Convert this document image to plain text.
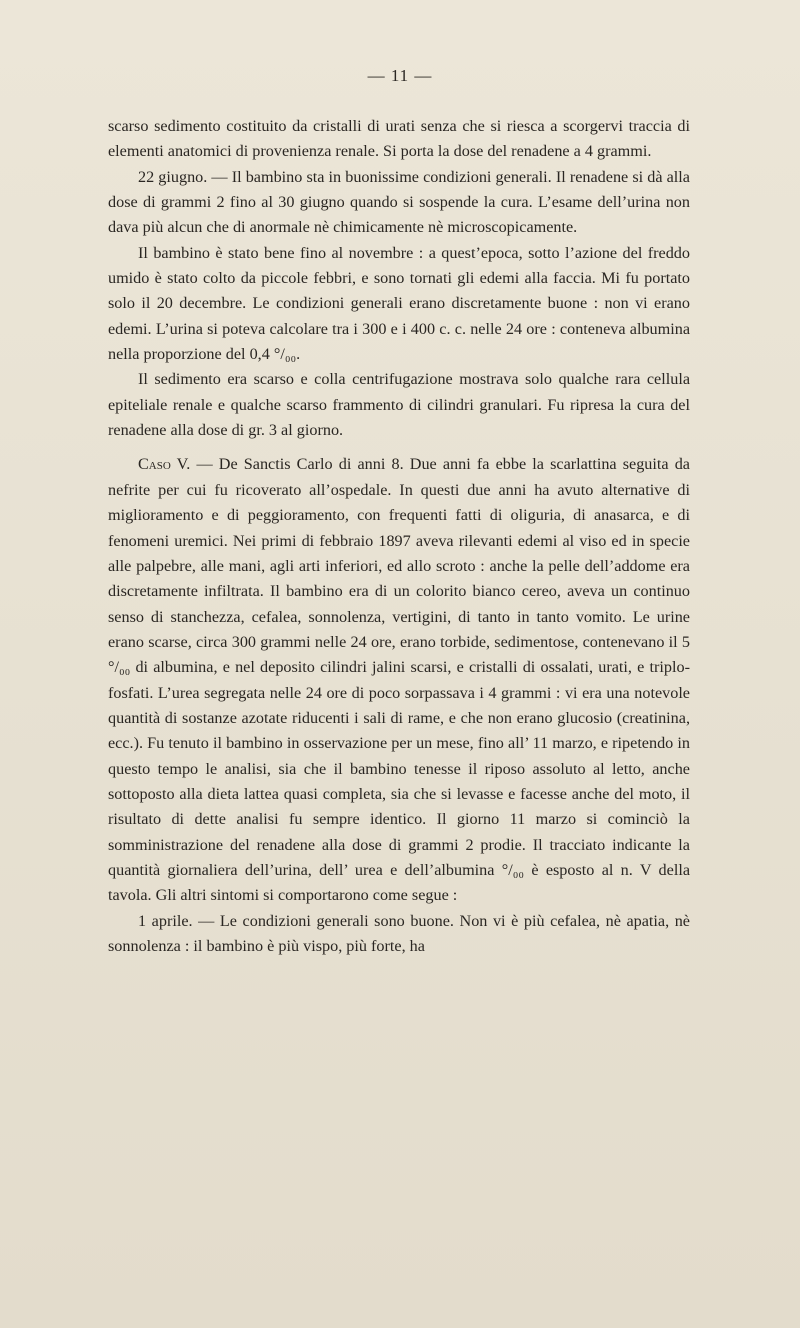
— 11 —

scarso sedimento costituito da cristalli di urati senza che si riesca a scorgervi traccia di elementi anatomici di provenienza renale. Si porta la dose del renadene a 4 grammi.

22 giugno. — Il bambino sta in buonissime condizioni generali. Il renadene si dà alla dose di grammi 2 fino al 30 giugno quando si sospende la cura. L’esame dell’urina non dava più alcun che di anormale nè chimicamente nè microscopicamente.

Il bambino è stato bene fino al novembre : a quest’epoca, sotto l’azione del freddo umido è stato colto da piccole febbri, e sono tornati gli edemi alla faccia. Mi fu portato solo il 20 decembre. Le condizioni generali erano discretamente buone : non vi erano edemi. L’urina si poteva calcolare tra i 300 e i 400 c. c. nelle 24 ore : conteneva albumina nella proporzione del 0,4 °/₀₀.

Il sedimento era scarso e colla centrifugazione mostrava solo qualche rara cellula epiteliale renale e qualche scarso frammento di cilindri granulari. Fu ripresa la cura del renadene alla dose di gr. 3 al giorno.

Caso V. — De Sanctis Carlo di anni 8. Due anni fa ebbe la scarlattina seguita da nefrite per cui fu ricoverato all’ospedale. In questi due anni ha avuto alternative di miglioramento e di peggioramento, con frequenti fatti di oliguria, di anasarca, e di fenomeni uremici. Nei primi di febbraio 1897 aveva rilevanti edemi al viso ed in specie alle palpebre, alle mani, agli arti inferiori, ed allo scroto : anche la pelle dell’addome era discretamente infiltrata. Il bambino era di un colorito bianco cereo, aveva un continuo senso di stanchezza, cefalea, sonnolenza, vertigini, di tanto in tanto vomito. Le urine erano scarse, circa 300 grammi nelle 24 ore, erano torbide, sedimentose, contenevano il 5 °/₀₀ di albumina, e nel deposito cilindri jalini scarsi, e cristalli di ossalati, urati, e triplo-fosfati. L’urea segregata nelle 24 ore di poco sorpassava i 4 grammi : vi era una notevole quantità di sostanze azotate riducenti i sali di rame, e che non erano glucosio (creatinina, ecc.). Fu tenuto il bambino in osservazione per un mese, fino all’ 11 marzo, e ripetendo in questo tempo le analisi, sia che il bambino tenesse il riposo assoluto al letto, anche sottoposto alla dieta lattea quasi completa, sia che si levasse e facesse anche del moto, il risultato di dette analisi fu sempre identico. Il giorno 11 marzo si cominciò la somministrazione del renadene alla dose di grammi 2 prodie. Il tracciato indicante la quantità giornaliera dell’urina, dell’ urea e dell’albumina °/₀₀ è esposto al n. V della tavola. Gli altri sintomi si comportarono come segue :

1 aprile. — Le condizioni generali sono buone. Non vi è più cefalea, nè apatia, nè sonnolenza : il bambino è più vispo, più forte, ha
